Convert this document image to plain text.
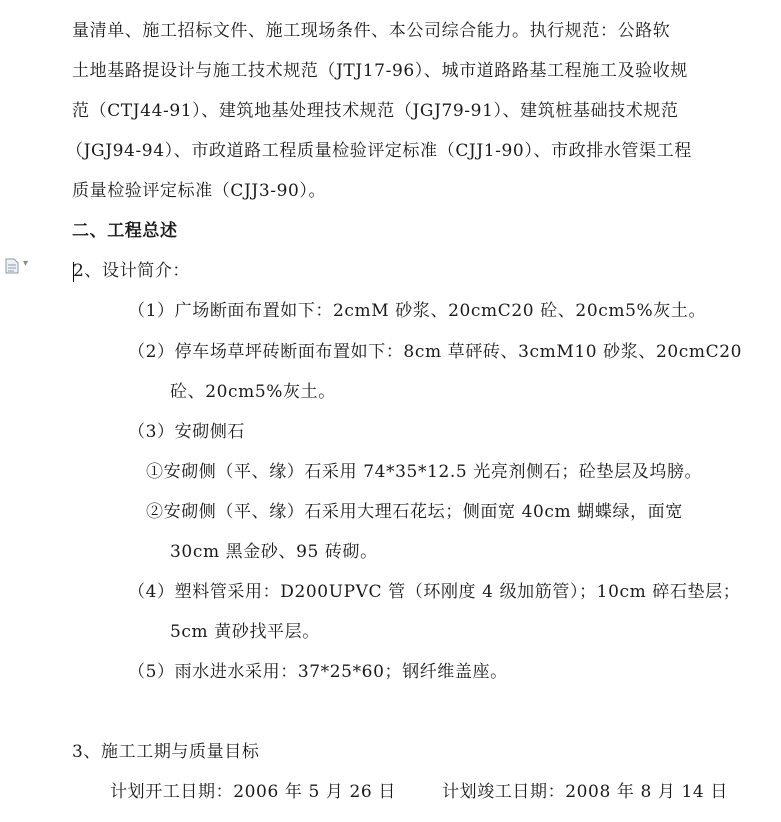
量清单、施工招标文件、施工现场条件、本公司综合能力。执行规范：公路软
土地基路提设计与施工技术规范（JTJ17-96）、城市道路路基工程施工及验收规
范（CTJ44-91）、建筑地基处理技术规范（JGJ79-91）、建筑桩基础技术规范
（JGJ94-94）、市政道路工程质量检验评定标准（CJJ1-90）、市政排水管渠工程
质量检验评定标准（CJJ3-90）。
二、工程总述
▾	2、设计简介：
（1）广场断面布置如下：2cmM 砂浆、20cmC20 砼、20cm5%灰土。
（2）停车场草坪砖断面布置如下：8cm 草砰砖、3cmM10 砂浆、20cmC20
砼、20cm5%灰土。
（3）安砌侧石
①安砌侧（平、缘）石采用 74*35*12.5 光亮剂侧石；砼垫层及坞膀。
②安砌侧（平、缘）石采用大理石花坛；侧面宽 40cm 蝴蝶绿，面宽
30cm 黑金砂、95 砖砌。
（4）塑料管采用：D200UPVC 管（环刚度 4 级加筋管）；10cm 碎石垫层；
5cm 黄砂找平层。
（5）雨水进水采用：37*25*60；钢纤维盖座。
3、施工工期与质量目标
计划开工日期：2006 年 5 月 26 日	计划竣工日期：2008 年 8 月 14 日
